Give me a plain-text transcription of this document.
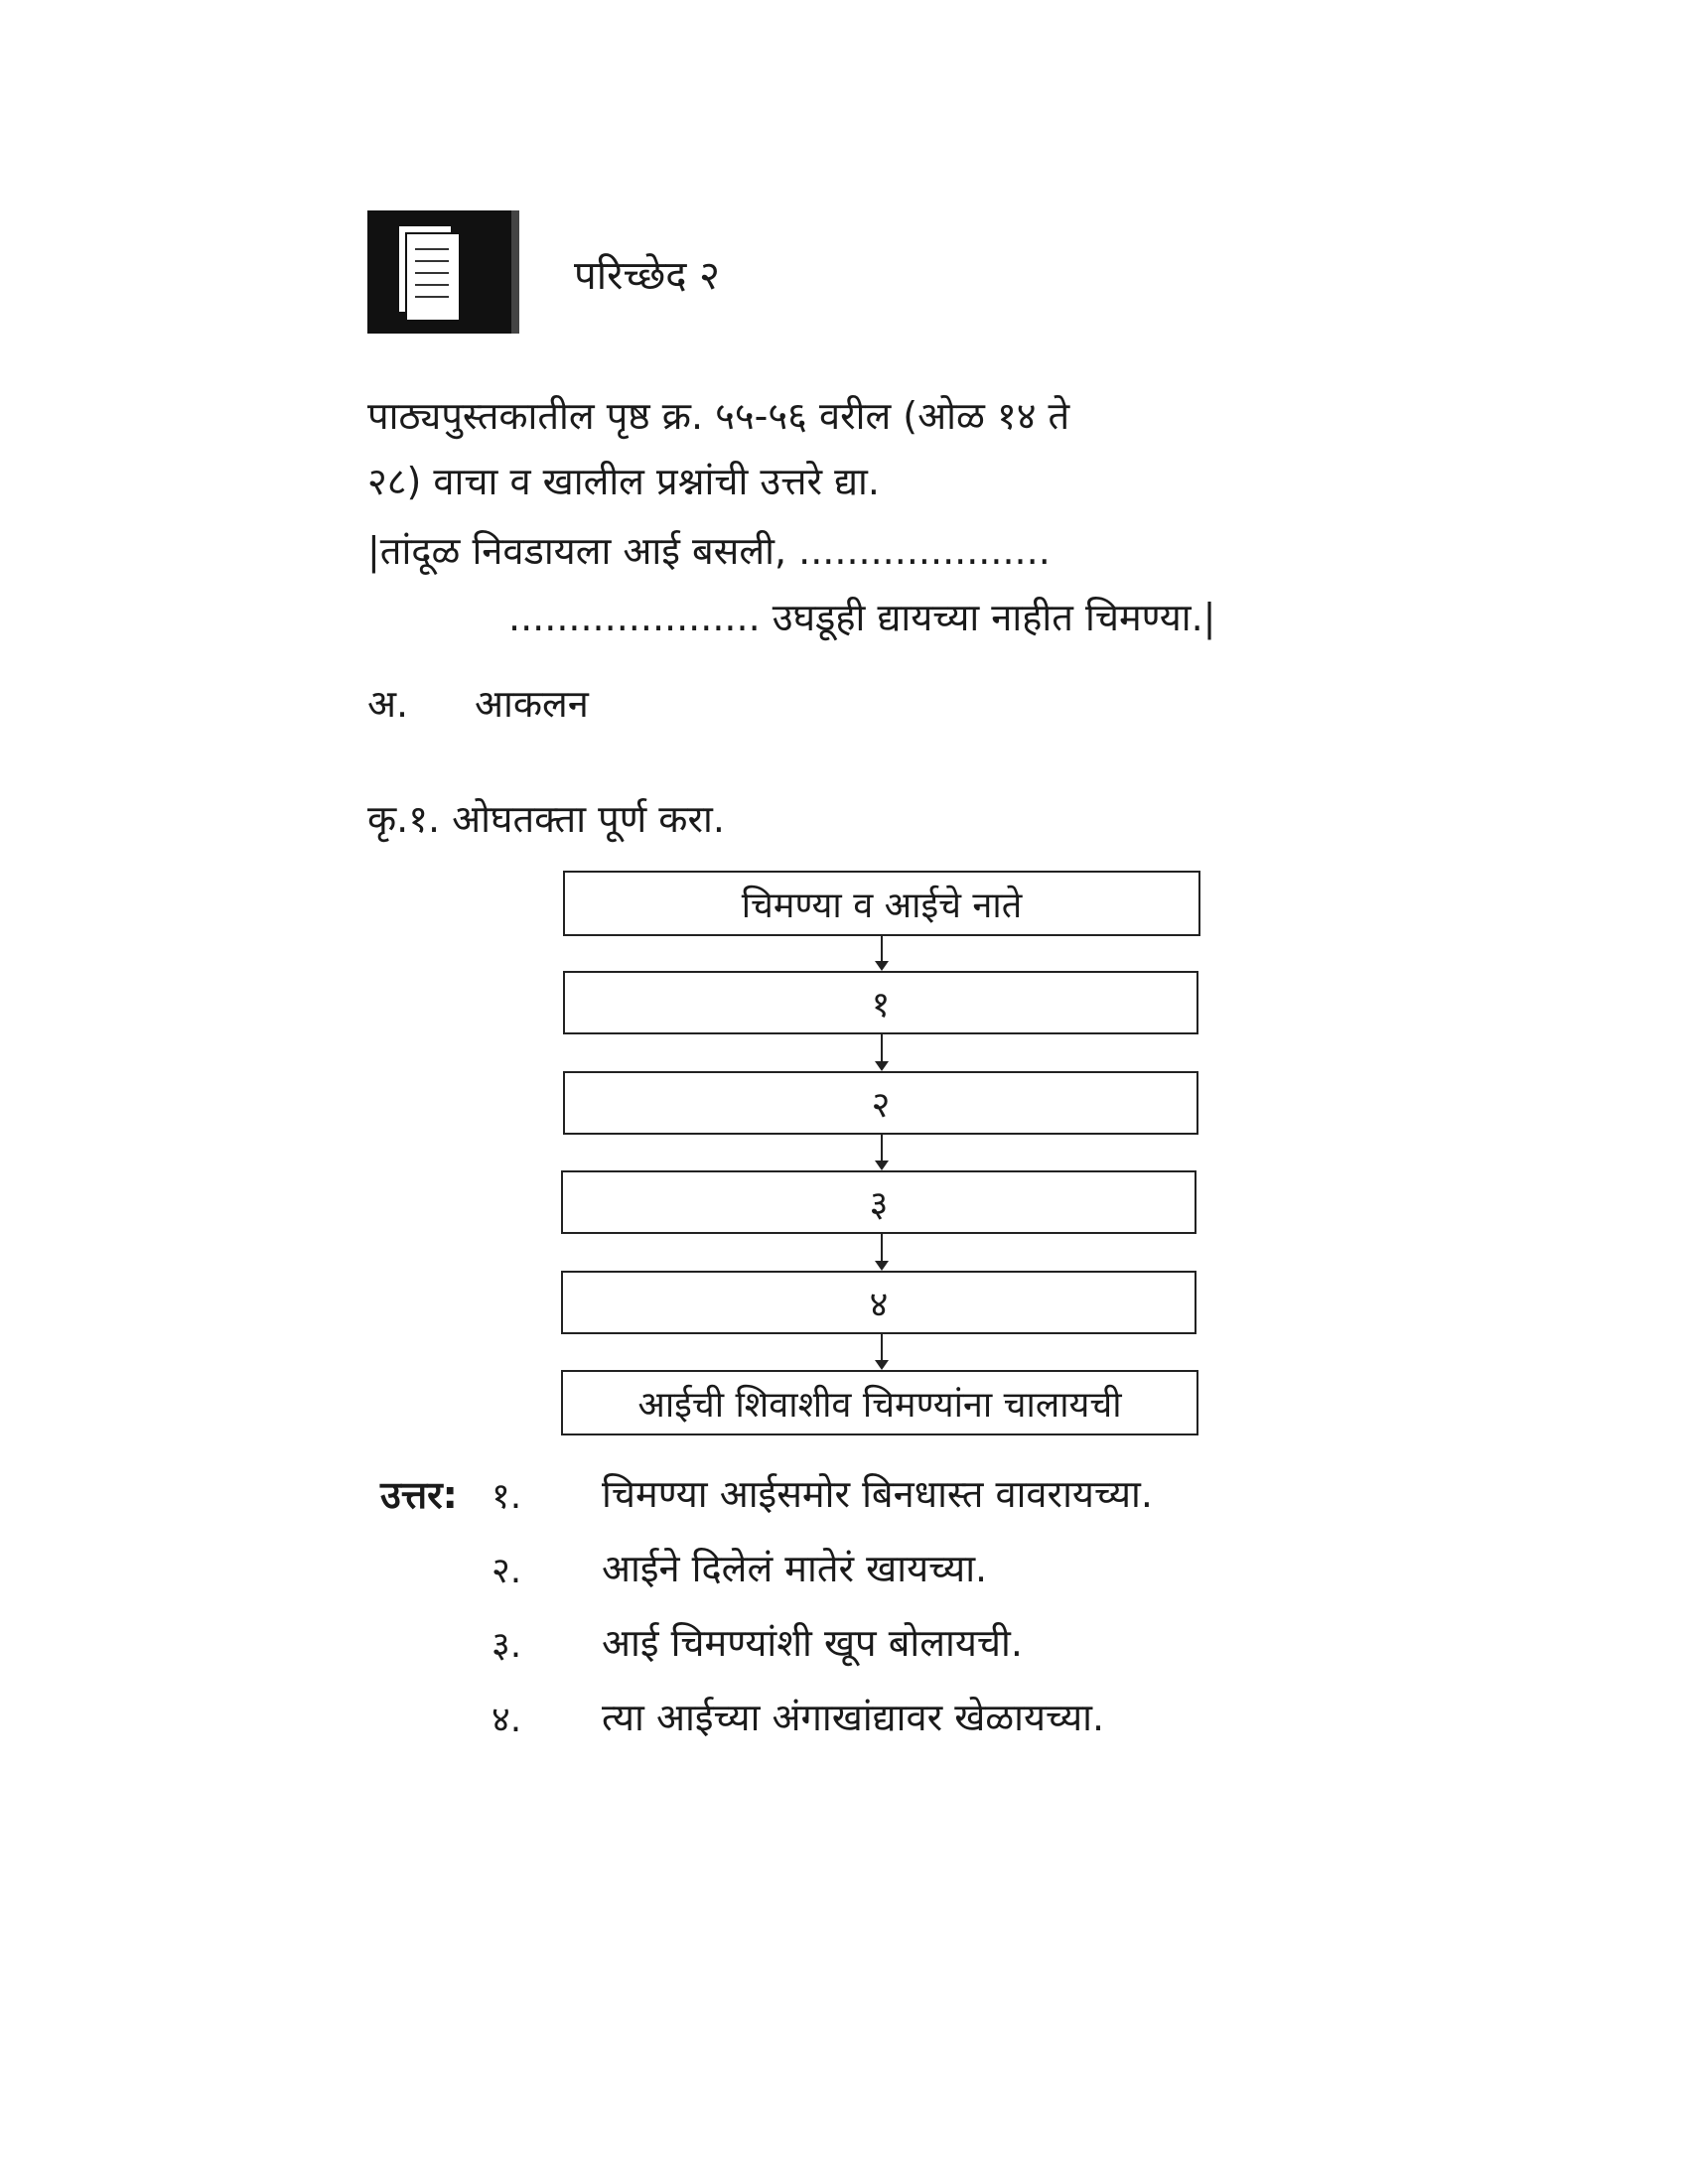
परिच्छेद २
पाठ्यपुस्तकातील पृष्ठ क्र. ५५-५६ वरील (ओळ १४ ते
२८) वाचा व खालील प्रश्नांची उत्तरे द्या.
|तांदूळ निवडायला आई बसली, .....................
..................... उघडूही द्यायच्या नाहीत चिमण्या.|
अ. आकलन
कृ.१. ओघतक्ता पूर्ण करा.
चिमण्या व आईचे नाते
१
२
३
४
आईची शिवाशीव चिमण्यांना चालायची
उत्तर: १. चिमण्या आईसमोर बिनधास्त वावरायच्या.
२. आईने दिलेलं मातेरं खायच्या.
३. आई चिमण्यांशी खूप बोलायची.
४. त्या आईच्या अंगाखांद्यावर खेळायच्या.
